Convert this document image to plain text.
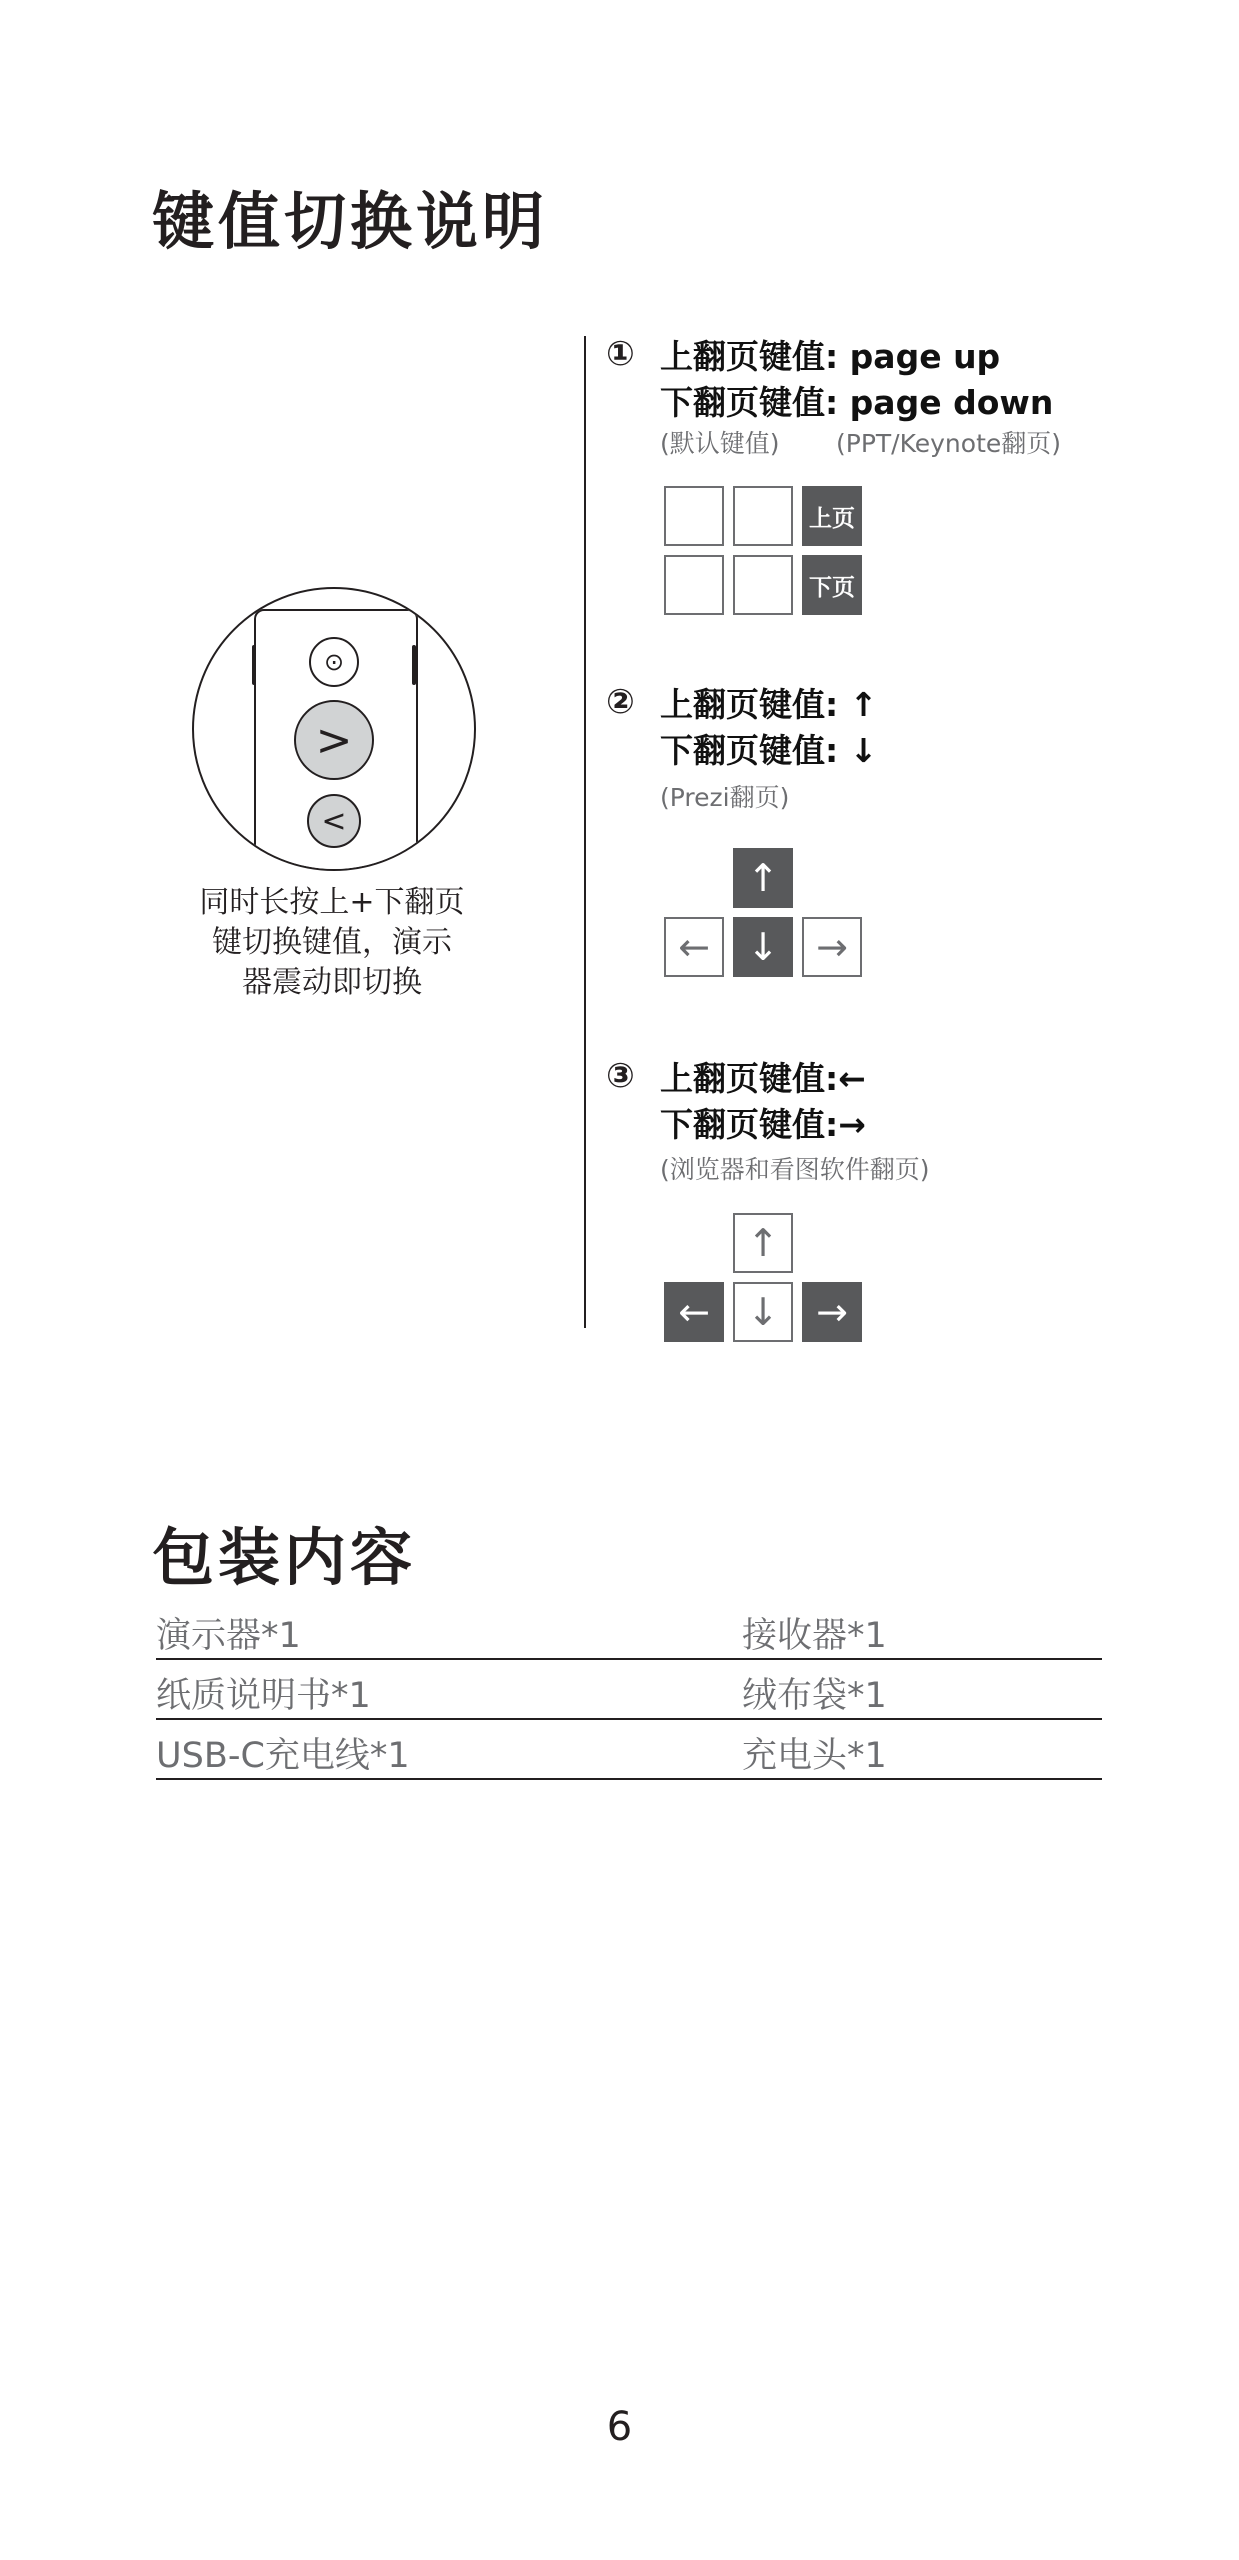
键值切换说明
⊙
>
<
同时长按上+下翻页
键切换键值，演示
器震动即切换
① 上翻页键值: page up
下翻页键值: page down
(默认键值) (PPT/Keynote翻页)
上页
下页
② 上翻页键值: ↑
下翻页键值: ↓
(Prezi翻页)
↑
← ↓ →
③ 上翻页键值:←
下翻页键值:→
(浏览器和看图软件翻页)
↑
← ↓ →
包装内容
演示器*1	接收器*1
纸质说明书*1	绒布袋*1
USB-C充电线*1	充电头*1
6
